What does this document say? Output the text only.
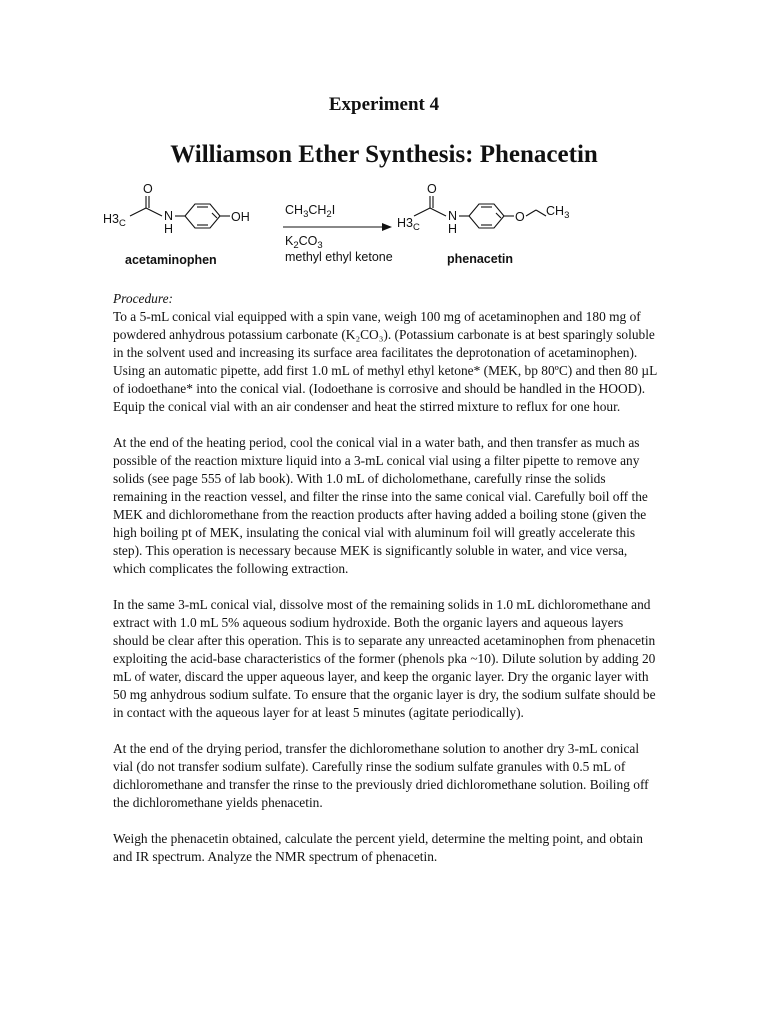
Experiment 4
Williamson Ether Synthesis: Phenacetin
$H3_C$
O
N
H
OH	$CH_3CH_2I$
$K_2CO_3$
methyl ethyl ketone
$H3_C$
O
N
H
O $CH_3$
acetaminophen	phenacetin

Procedure:
To a 5-mL conical vial equipped with a spin vane, weigh 100 mg of acetaminophen and 180 mg of powdered anhydrous potassium carbonate (K₂CO₃). (Potassium carbonate is at best sparingly soluble in the solvent used and increasing its surface area facilitates the deprotonation of acetaminophen). Using an automatic pipette, add first 1.0 mL of methyl ethyl ketone* (MEK, bp 80ºC) and then 80 µL of iodoethane* into the conical vial. (Iodoethane is corrosive and should be handled in the HOOD). Equip the conical vial with an air condenser and heat the stirred mixture to reflux for one hour.

At the end of the heating period, cool the conical vial in a water bath, and then transfer as much as possible of the reaction mixture liquid into a 3-mL conical vial using a filter pipette to remove any solids (see page 555 of lab book). With 1.0 mL of dicholomethane, carefully rinse the solids remaining in the reaction vessel, and filter the rinse into the same conical vial. Carefully boil off the MEK and dichloromethane from the reaction products after having added a boiling stone (given the high boiling pt of MEK, insulating the conical vial with aluminum foil will greatly accelerate this step). This operation is necessary because MEK is significantly soluble in water, and vice versa, which complicates the following extraction.

In the same 3-mL conical vial, dissolve most of the remaining solids in 1.0 mL dichloromethane and extract with 1.0 mL 5% aqueous sodium hydroxide. Both the organic layers and aqueous layers should be clear after this operation. This is to separate any unreacted acetaminophen from phenacetin exploiting the acid-base characteristics of the former (phenols pka ~10). Dilute solution by adding 20 mL of water, discard the upper aqueous layer, and keep the organic layer. Dry the organic layer with 50 mg anhydrous sodium sulfate. To ensure that the organic layer is dry, the sodium sulfate should be in contact with the aqueous layer for at least 5 minutes (agitate periodically).

At the end of the drying period, transfer the dichloromethane solution to another dry 3-mL conical vial (do not transfer sodium sulfate). Carefully rinse the sodium sulfate granules with 0.5 mL of dichloromethane and transfer the rinse to the previously dried dichloromethane solution. Boiling off the dichloromethane yields phenacetin.

Weigh the phenacetin obtained, calculate the percent yield, determine the melting point, and obtain and IR spectrum. Analyze the NMR spectrum of phenacetin.
